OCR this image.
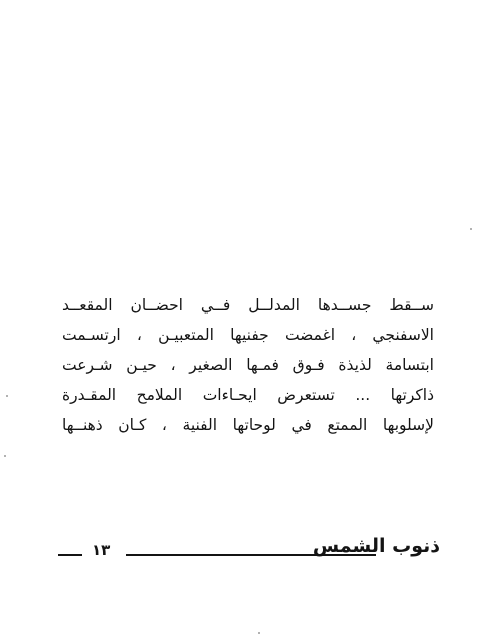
ســقط جســدها المدلــل فــي احضــان المقعــد
الاسفنجي ، اغمضت جفنيها المتعبيـن ، ارتسـمت
ابتسامة لذيذة فـوق فمـها الصغير ، حيـن شـرعت
ذاكرتها ... تستعرض ايحـاءات الملامح المقـدرة
لإسلوبها الممتع في لوحاتها الفنية ، كـان ذهنــها
١٣	ذنوب الشمس
